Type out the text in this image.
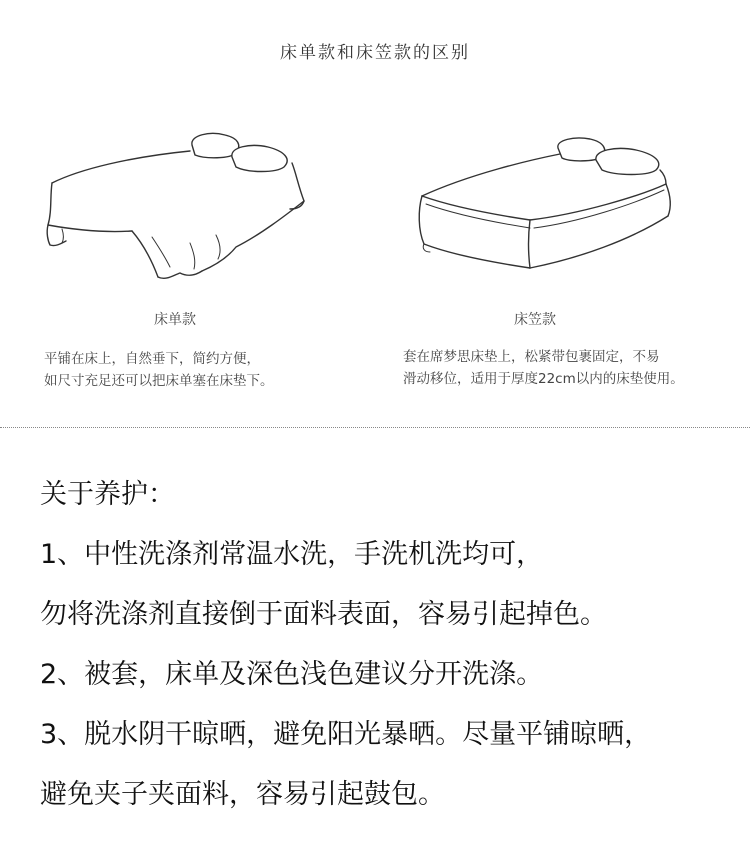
床单款和床笠款的区别
床单款
平铺在床上，自然垂下，简约方便，
如尺寸充足还可以把床单塞在床垫下。
床笠款
套在席梦思床垫上，松紧带包裹固定，不易
滑动移位，适用于厚度22cm以内的床垫使用。
关于养护：
1、中性洗涤剂常温水洗，手洗机洗均可，
勿将洗涤剂直接倒于面料表面，容易引起掉色。
2、被套，床单及深色浅色建议分开洗涤。
3、脱水阴干晾晒，避免阳光暴晒。尽量平铺晾晒，
避免夹子夹面料，容易引起鼓包。
